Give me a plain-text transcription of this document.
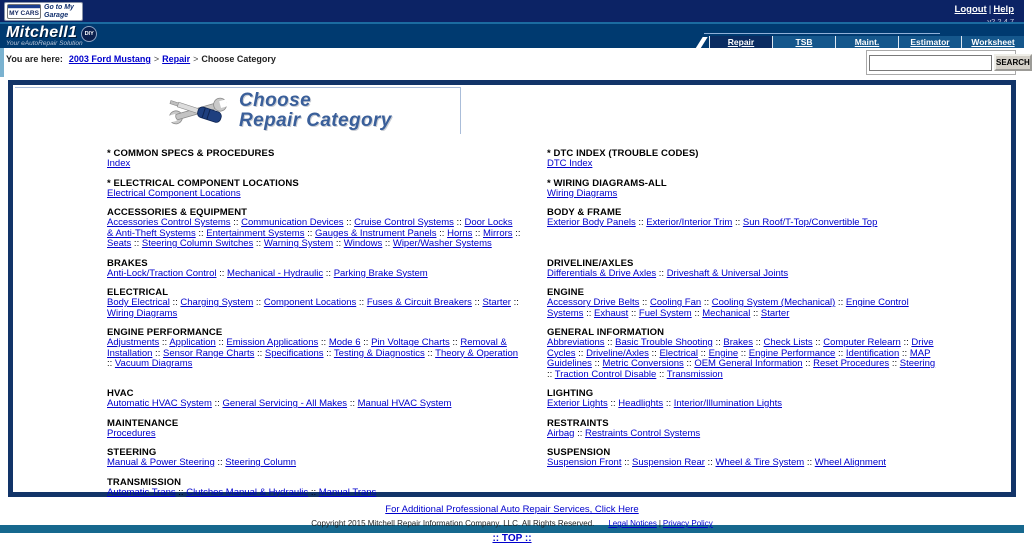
MY CARS
Go to My Garage	Logout | Help
Mitchell1 DIY
Your eAutoRepair Solution	Repair	TSB	Maint.	Estimator	Worksheet
You are here: 2003 Ford Mustang > Repair > Choose Category	SEARCH
Choose
Repair Category
* COMMON SPECS & PROCEDURES
Index
* DTC INDEX (TROUBLE CODES)
DTC Index
* ELECTRICAL COMPONENT LOCATIONS
Electrical Component Locations
* WIRING DIAGRAMS-ALL
Wiring Diagrams
ACCESSORIES & EQUIPMENT
Accessories Control Systems :: Communication Devices :: Cruise Control Systems :: Door Locks & Anti-Theft Systems :: Entertainment Systems :: Gauges & Instrument Panels :: Horns :: Mirrors :: Seats :: Steering Column Switches :: Warning System :: Windows :: Wiper/Washer Systems
BODY & FRAME
Exterior Body Panels :: Exterior/Interior Trim :: Sun Roof/T-Top/Convertible Top
BRAKES
Anti-Lock/Traction Control :: Mechanical - Hydraulic :: Parking Brake System
DRIVELINE/AXLES
Differentials & Drive Axles :: Driveshaft & Universal Joints
ELECTRICAL
Body Electrical :: Charging System :: Component Locations :: Fuses & Circuit Breakers :: Starter :: Wiring Diagrams
ENGINE
Accessory Drive Belts :: Cooling Fan :: Cooling System (Mechanical) :: Engine Control Systems :: Exhaust :: Fuel System :: Mechanical :: Starter
ENGINE PERFORMANCE
Adjustments :: Application :: Emission Applications :: Mode 6 :: Pin Voltage Charts :: Removal & Installation :: Sensor Range Charts :: Specifications :: Testing & Diagnostics :: Theory & Operation :: Vacuum Diagrams
GENERAL INFORMATION
Abbreviations :: Basic Trouble Shooting :: Brakes :: Check Lists :: Computer Relearn :: Drive Cycles :: Driveline/Axles :: Electrical :: Engine :: Engine Performance :: Identification :: MAP Guidelines :: Metric Conversions :: OEM General Information :: Reset Procedures :: Steering :: Traction Control Disable :: Transmission
HVAC
Automatic HVAC System :: General Servicing - All Makes :: Manual HVAC System
LIGHTING
Exterior Lights :: Headlights :: Interior/Illumination Lights
MAINTENANCE
Procedures
RESTRAINTS
Airbag :: Restraints Control Systems
STEERING
Manual & Power Steering :: Steering Column
SUSPENSION
Suspension Front :: Suspension Rear :: Wheel & Tire System :: Wheel Alignment
TRANSMISSION
Automatic Trans :: Clutches Manual & Hydraulic :: Manual Trans
For Additional Professional Auto Repair Services, Click Here
Copyright 2015 Mitchell Repair Information Company, LLC. All Rights Reserved. Legal Notices | Privacy Policy
:: TOP ::
